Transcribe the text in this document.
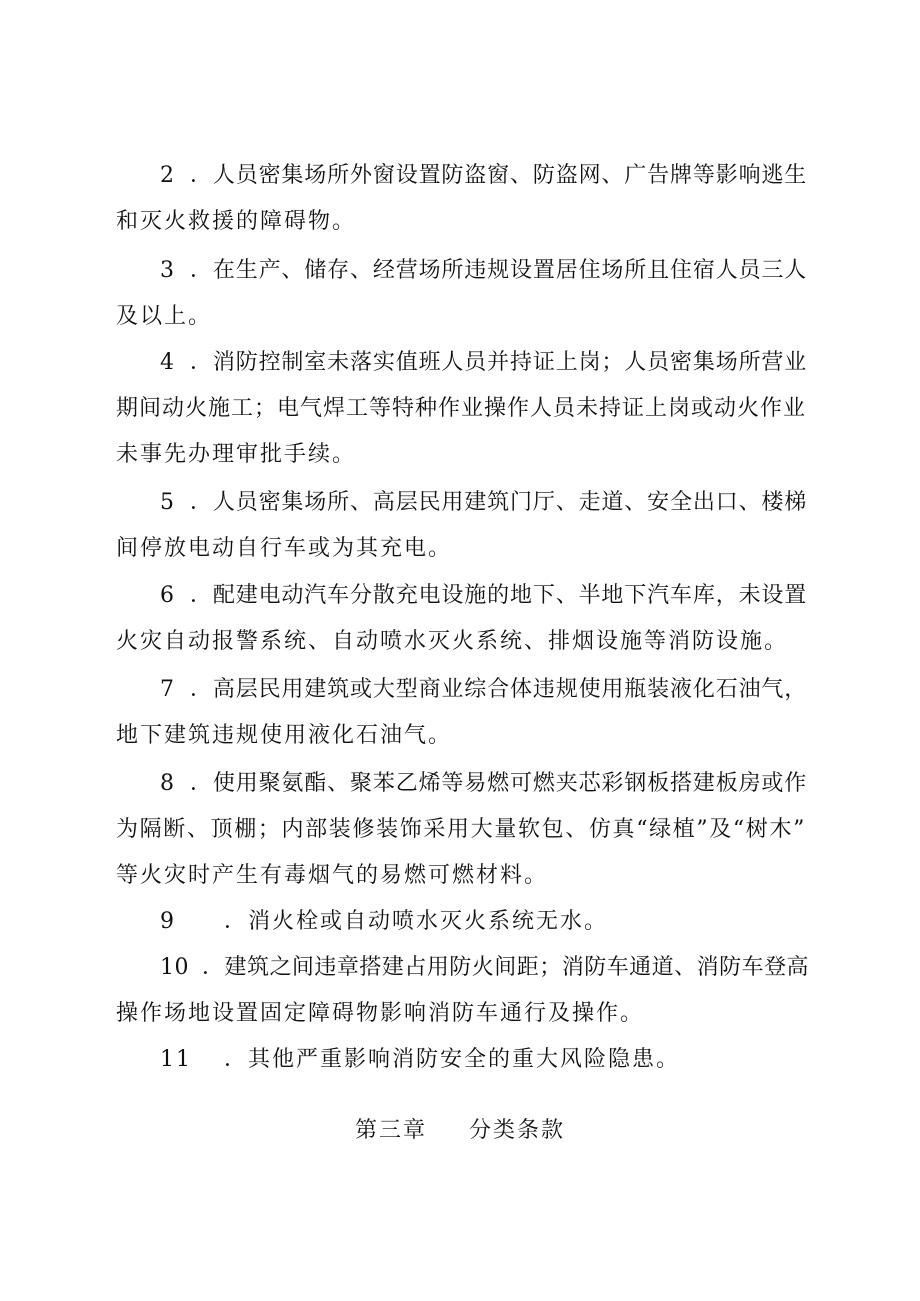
2 ．人员密集场所外窗设置防盗窗、防盗网、广告牌等影响逃生
和灭火救援的障碍物。
3 ．在生产、储存、经营场所违规设置居住场所且住宿人员三人
及以上。
4 ．消防控制室未落实值班人员并持证上岗；人员密集场所营业
期间动火施工；电气焊工等特种作业操作人员未持证上岗或动火作业
未事先办理审批手续。
5 ．人员密集场所、高层民用建筑门厅、走道、安全出口、楼梯
间停放电动自行车或为其充电。
6 ．配建电动汽车分散充电设施的地下、半地下汽车库，未设置
火灾自动报警系统、自动喷水灭火系统、排烟设施等消防设施。
7 ．高层民用建筑或大型商业综合体违规使用瓶装液化石油气，
地下建筑违规使用液化石油气。
8 ．使用聚氨酯、聚苯乙烯等易燃可燃夹芯彩钢板搭建板房或作
为隔断、顶棚；内部装修装饰采用大量软包、仿真“绿植”及“树木”
等火灾时产生有毒烟气的易燃可燃材料。
9 ．消火栓或自动喷水灭火系统无水。
10 ．建筑之间违章搭建占用防火间距；消防车通道、消防车登高
操作场地设置固定障碍物影响消防车通行及操作。
11 ．其他严重影响消防安全的重大风险隐患。
第三章 分类条款
